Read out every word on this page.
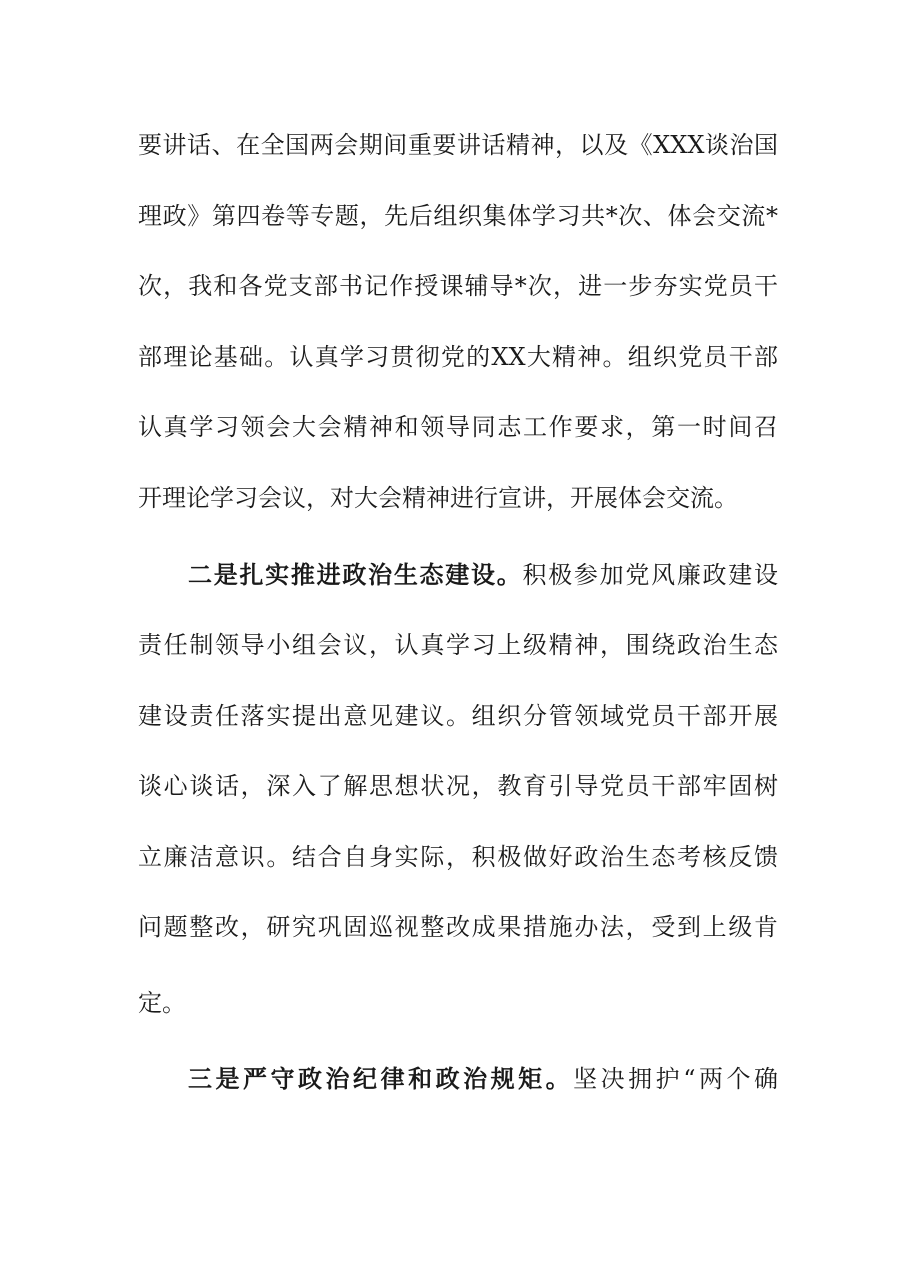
要讲话、在全国两会期间重要讲话精神，以及《XXX谈治国
理政》第四卷等专题，先后组织集体学习共*次、体会交流*
次，我和各党支部书记作授课辅导*次，进一步夯实党员干
部理论基础。认真学习贯彻党的XX大精神。组织党员干部
认真学习领会大会精神和领导同志工作要求，第一时间召
开理论学习会议，对大会精神进行宣讲，开展体会交流。
二是扎实推进政治生态建设。积极参加党风廉政建设
责任制领导小组会议，认真学习上级精神，围绕政治生态
建设责任落实提出意见建议。组织分管领域党员干部开展
谈心谈话，深入了解思想状况，教育引导党员干部牢固树
立廉洁意识。结合自身实际，积极做好政治生态考核反馈
问题整改，研究巩固巡视整改成果措施办法，受到上级肯
定。
三是严守政治纪律和政治规矩。坚决拥护“两个确
